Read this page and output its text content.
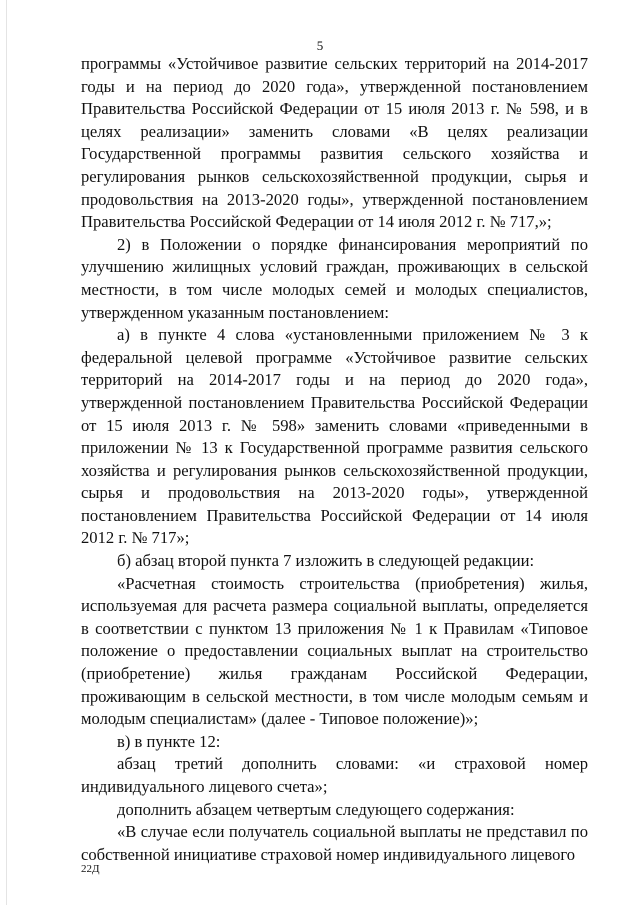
5

программы «Устойчивое развитие сельских территорий на 2014-2017 годы и на период до 2020 года», утвержденной постановлением Правительства Российской Федерации от 15 июля 2013 г. № 598, и в целях реализации» заменить словами «В целях реализации Государственной программы развития сельского хозяйства и регулирования рынков сельскохозяйственной продукции, сырья и продовольствия на 2013-2020 годы», утвержденной постановлением Правительства Российской Федерации от 14 июля 2012 г. № 717,»;

2) в Положении о порядке финансирования мероприятий по улучшению жилищных условий граждан, проживающих в сельской местности, в том числе молодых семей и молодых специалистов, утвержденном указанным постановлением:

а) в пункте 4 слова «установленными приложением № 3 к федеральной целевой программе «Устойчивое развитие сельских территорий на 2014-2017 годы и на период до 2020 года», утвержденной постановлением Правительства Российской Федерации от 15 июля 2013 г. № 598» заменить словами «приведенными в приложении № 13 к Государственной программе развития сельского хозяйства и регулирования рынков сельскохозяйственной продукции, сырья и продовольствия на 2013-2020 годы», утвержденной постановлением Правительства Российской Федерации от 14 июля 2012 г. № 717»;

б) абзац второй пункта 7 изложить в следующей редакции:

«Расчетная стоимость строительства (приобретения) жилья, используемая для расчета размера социальной выплаты, определяется в соответствии с пунктом 13 приложения № 1 к Правилам «Типовое положение о предоставлении социальных выплат на строительство (приобретение) жилья гражданам Российской Федерации, проживающим в сельской местности, в том числе молодым семьям и молодым специалистам» (далее - Типовое положение)»;

в) в пункте 12:

абзац третий дополнить словами: «и страховой номер индивидуального лицевого счета»;

дополнить абзацем четвертым следующего содержания:

«В случае если получатель социальной выплаты не представил по собственной инициативе страховой номер индивидуального лицевого

22Д
